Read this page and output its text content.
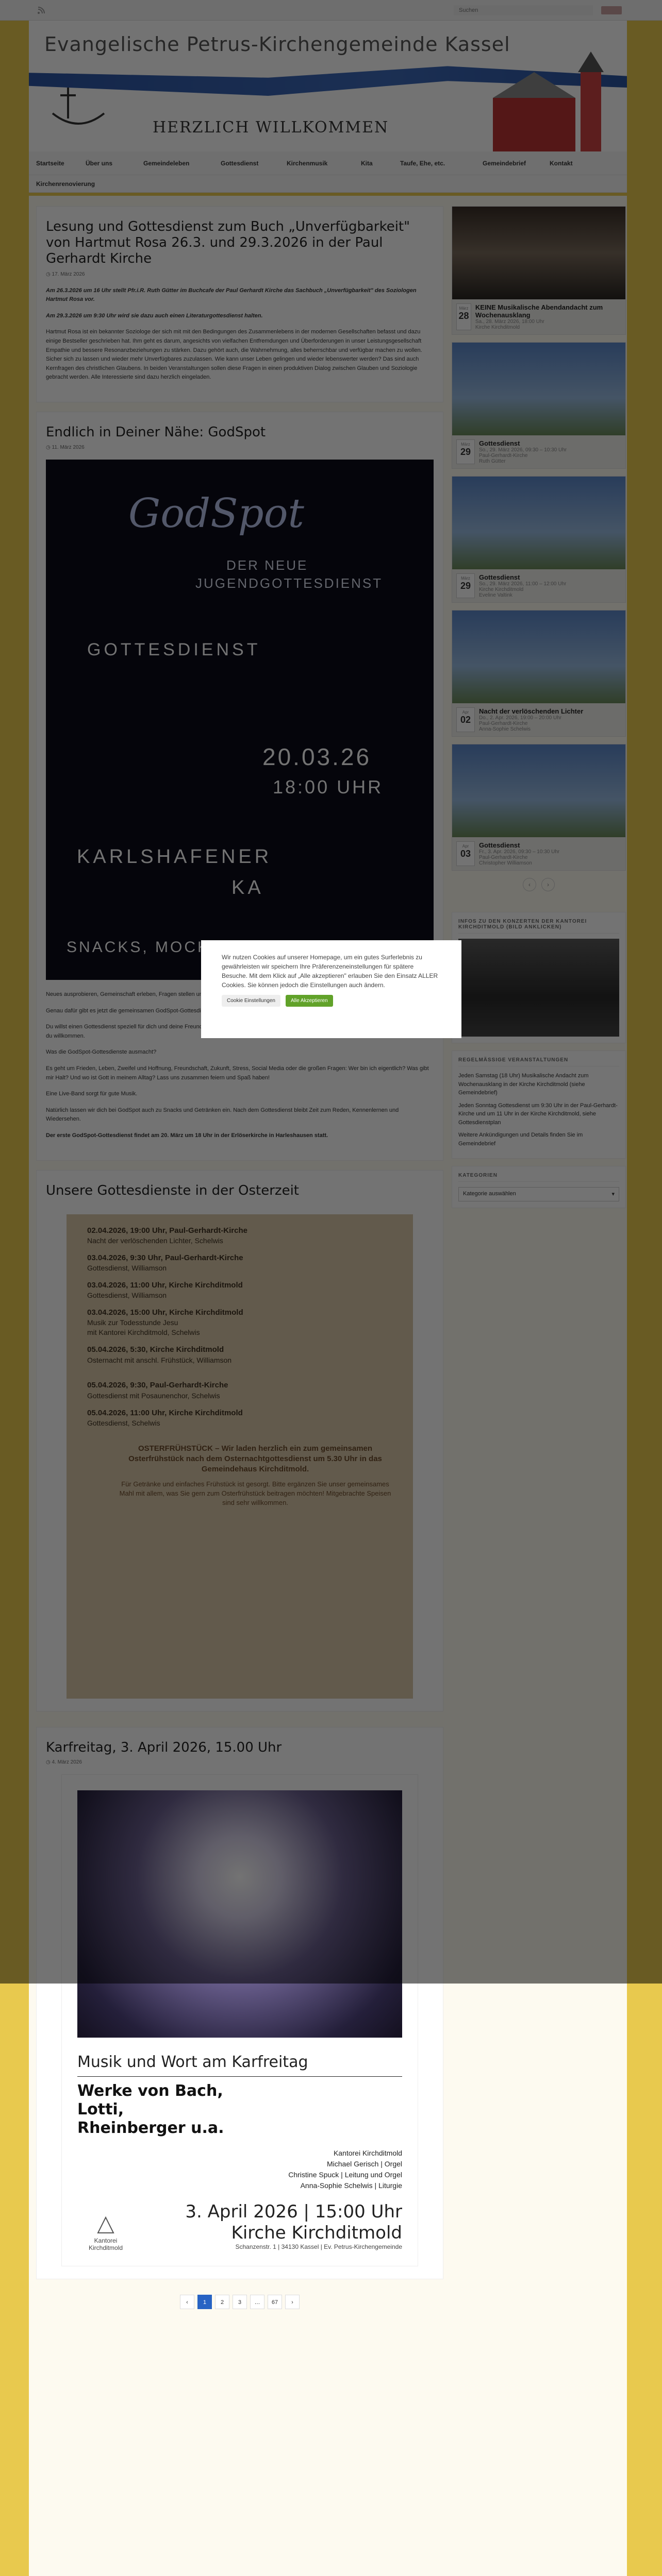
Suchen

Musik und Wort am Karfreitag
Werke von Bach,
Lotti,
Rheinberger u.a.
Kantorei Kirchditmold
Michael Gerisch | Orgel
Christine Spuck | Leitung und Orgel
Anna-Sophie Schelwis | Liturgie
Kantorei Kirchditmold
3. April 2026 | 15:00 Uhr
Kirche Kirchditmold
Schanzenstr. 1 | 34130 Kassel | Ev. Petrus-Kirchengemeinde
‹	1	2	3	…	67	›

Wir nutzen Cookies auf unserer Homepage, um ein gutes Surferlebnis zu gewährleisten wir speichern Ihre Präferenzeneinstellungen für spätere Besuche. Mit dem Klick auf „Alle akzeptieren" erlauben Sie den Einsatz ALLER Cookies. Sie können jedoch die Einstellungen auch ändern.
Cookie Einstellungen	Alle Akzeptieren
